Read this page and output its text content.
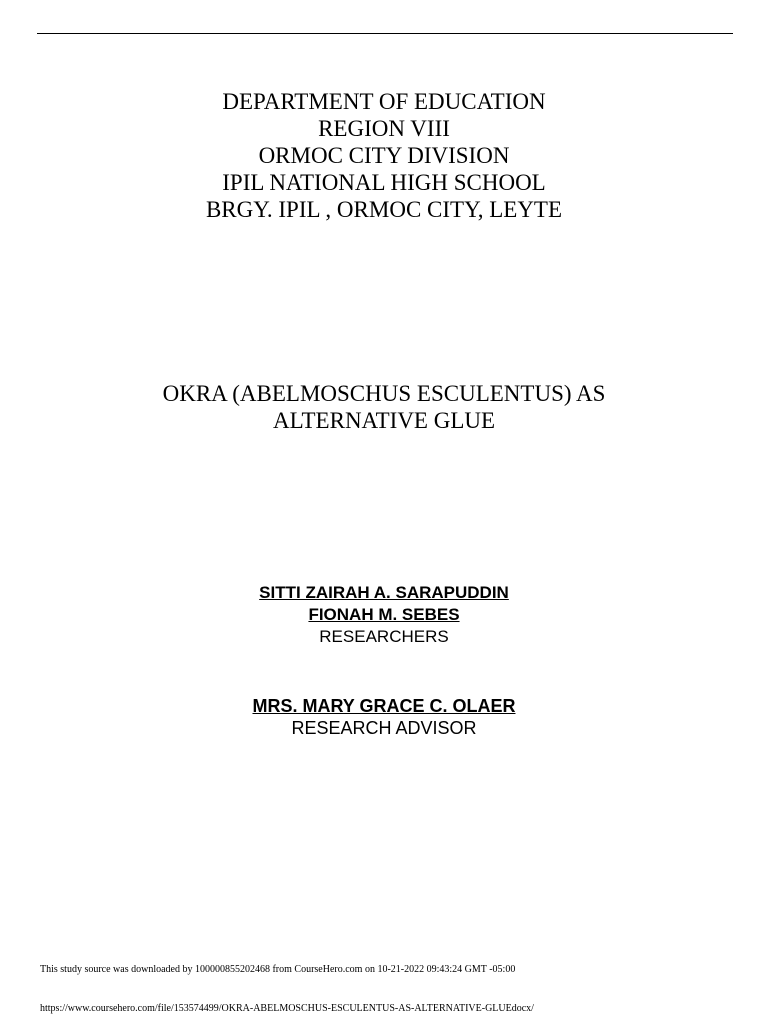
DEPARTMENT OF EDUCATION
REGION VIII
ORMOC CITY DIVISION
IPIL NATIONAL HIGH SCHOOL
BRGY. IPIL , ORMOC CITY, LEYTE
OKRA (ABELMOSCHUS ESCULENTUS) AS
ALTERNATIVE GLUE
SITTI ZAIRAH A. SARAPUDDIN
FIONAH M. SEBES
RESEARCHERS
MRS. MARY GRACE C. OLAER
RESEARCH ADVISOR
This study source was downloaded by 100000855202468 from CourseHero.com on 10-21-2022 09:43:24 GMT -05:00
https://www.coursehero.com/file/153574499/OKRA-ABELMOSCHUS-ESCULENTUS-AS-ALTERNATIVE-GLUEdocx/
